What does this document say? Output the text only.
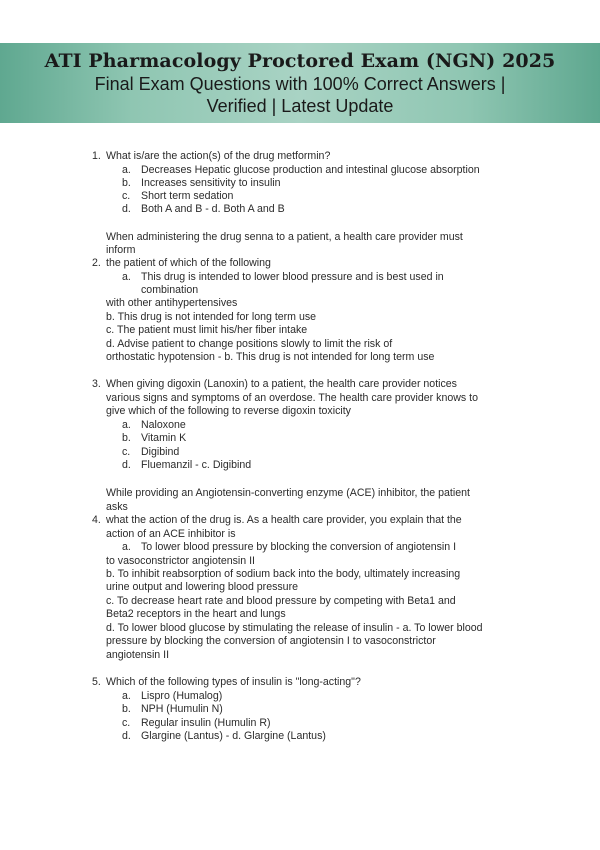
ATI Pharmacology Proctored Exam (NGN) 2025
Final Exam Questions with 100% Correct Answers |
Verified | Latest Update
1. What is/are the action(s) of the drug metformin?
a. Decreases Hepatic glucose production and intestinal glucose absorption
b. Increases sensitivity to insulin
c. Short term sedation
d. Both A and B - d. Both A and B
When administering the drug senna to a patient, a health care provider must
inform
2. the patient of which of the following
a. This drug is intended to lower blood pressure and is best used in
combination
with other antihypertensives
b. This drug is not intended for long term use
c. The patient must limit his/her fiber intake
d. Advise patient to change positions slowly to limit the risk of
orthostatic hypotension - b. This drug is not intended for long term use
3. When giving digoxin (Lanoxin) to a patient, the health care provider notices
various signs and symptoms of an overdose. The health care provider knows to
give which of the following to reverse digoxin toxicity
a. Naloxone
b. Vitamin K
c. Digibind
d. Fluemanzil - c. Digibind
While providing an Angiotensin-converting enzyme (ACE) inhibitor, the patient
asks
4. what the action of the drug is. As a health care provider, you explain that the
action of an ACE inhibitor is
a. To lower blood pressure by blocking the conversion of angiotensin I
to vasoconstrictor angiotensin II
b. To inhibit reabsorption of sodium back into the body, ultimately increasing
urine output and lowering blood pressure
c. To decrease heart rate and blood pressure by competing with Beta1 and
Beta2 receptors in the heart and lungs
d. To lower blood glucose by stimulating the release of insulin - a. To lower blood
pressure by blocking the conversion of angiotensin I to vasoconstrictor
angiotensin II
5. Which of the following types of insulin is "long-acting"?
a. Lispro (Humalog)
b. NPH (Humulin N)
c. Regular insulin (Humulin R)
d. Glargine (Lantus) - d. Glargine (Lantus)
